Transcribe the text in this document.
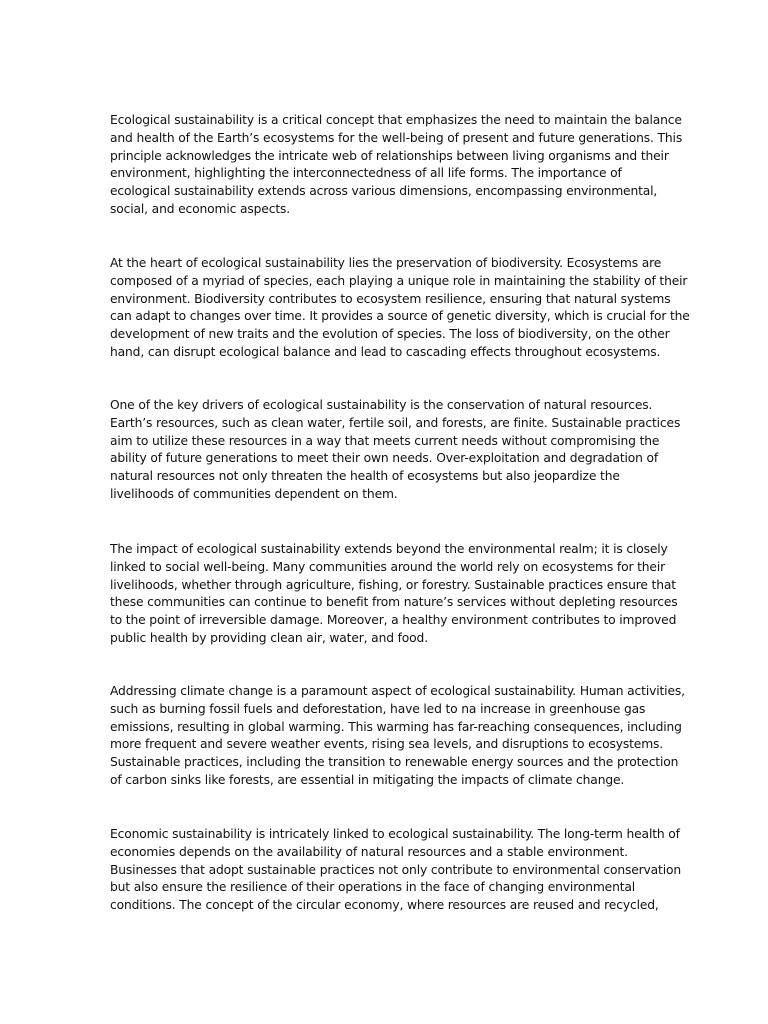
Ecological sustainability is a critical concept that emphasizes the need to maintain the balance
and health of the Earth’s ecosystems for the well-being of present and future generations. This
principle acknowledges the intricate web of relationships between living organisms and their
environment, highlighting the interconnectedness of all life forms. The importance of
ecological sustainability extends across various dimensions, encompassing environmental,
social, and economic aspects.

At the heart of ecological sustainability lies the preservation of biodiversity. Ecosystems are
composed of a myriad of species, each playing a unique role in maintaining the stability of their
environment. Biodiversity contributes to ecosystem resilience, ensuring that natural systems
can adapt to changes over time. It provides a source of genetic diversity, which is crucial for the
development of new traits and the evolution of species. The loss of biodiversity, on the other
hand, can disrupt ecological balance and lead to cascading effects throughout ecosystems.

One of the key drivers of ecological sustainability is the conservation of natural resources.
Earth’s resources, such as clean water, fertile soil, and forests, are finite. Sustainable practices
aim to utilize these resources in a way that meets current needs without compromising the
ability of future generations to meet their own needs. Over-exploitation and degradation of
natural resources not only threaten the health of ecosystems but also jeopardize the
livelihoods of communities dependent on them.

The impact of ecological sustainability extends beyond the environmental realm; it is closely
linked to social well-being. Many communities around the world rely on ecosystems for their
livelihoods, whether through agriculture, fishing, or forestry. Sustainable practices ensure that
these communities can continue to benefit from nature’s services without depleting resources
to the point of irreversible damage. Moreover, a healthy environment contributes to improved
public health by providing clean air, water, and food.

Addressing climate change is a paramount aspect of ecological sustainability. Human activities,
such as burning fossil fuels and deforestation, have led to na increase in greenhouse gas
emissions, resulting in global warming. This warming has far-reaching consequences, including
more frequent and severe weather events, rising sea levels, and disruptions to ecosystems.
Sustainable practices, including the transition to renewable energy sources and the protection
of carbon sinks like forests, are essential in mitigating the impacts of climate change.

Economic sustainability is intricately linked to ecological sustainability. The long-term health of
economies depends on the availability of natural resources and a stable environment.
Businesses that adopt sustainable practices not only contribute to environmental conservation
but also ensure the resilience of their operations in the face of changing environmental
conditions. The concept of the circular economy, where resources are reused and recycled,
